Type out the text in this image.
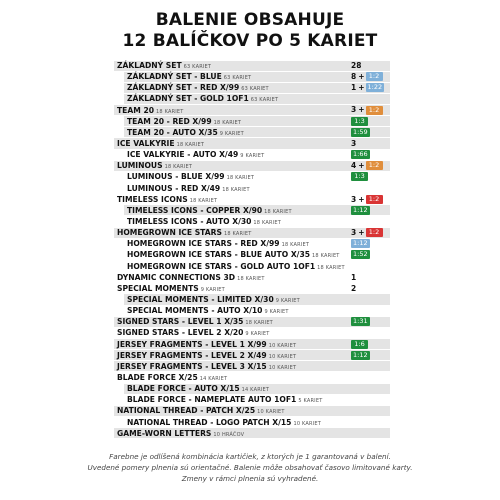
BALENIE OBSAHUJE
12 BALÍČKOV PO 5 KARIET
ZÁKLADNÝ SET 63 KARIET	28
ZÁKLADNÝ SET - BLUE 63 KARIET	8 + 1:2
ZÁKLADNÝ SET - RED X/99 63 KARIET	1 + 1:22
ZÁKLADNÝ SET - GOLD 1OF1 63 KARIET
TEAM 20 18 KARIET	3 + 1:2
TEAM 20 - RED X/99 18 KARIET	1:3
TEAM 20 - AUTO X/35 9 KARIET	1:59
ICE VALKYRIE 18 KARIET	3
ICE VALKYRIE - AUTO X/49 9 KARIET	1:66
LUMINOUS 18 KARIET	4 + 1:2
LUMINOUS - BLUE X/99 18 KARIET	1:3
LUMINOUS - RED X/49 18 KARIET
TIMELESS ICONS 18 KARIET	3 + 1:2
TIMELESS ICONS - COPPER X/90 18 KARIET	1:12
TIMELESS ICONS - AUTO X/30 18 KARIET
HOMEGROWN ICE STARS 18 KARIET	3 + 1:2
HOMEGROWN ICE STARS - RED X/99 18 KARIET	1:12
HOMEGROWN ICE STARS - BLUE AUTO X/35 18 KARIET	1:52
HOMEGROWN ICE STARS - GOLD AUTO 1OF1 18 KARIET
DYNAMIC CONNECTIONS 3D 18 KARIET	1
SPECIAL MOMENTS 9 KARIET	2
SPECIAL MOMENTS - LIMITED X/30 9 KARIET
SPECIAL MOMENTS - AUTO X/10 9 KARIET
SIGNED STARS - LEVEL 1 X/35 18 KARIET	1:31
SIGNED STARS - LEVEL 2 X/20 9 KARIET
JERSEY FRAGMENTS - LEVEL 1 X/99 10 KARIET	1:6
JERSEY FRAGMENTS - LEVEL 2 X/49 10 KARIET	1:12
JERSEY FRAGMENTS - LEVEL 3 X/15 10 KARIET
BLADE FORCE X/25 14 KARIET
BLADE FORCE - AUTO X/15 14 KARIET
BLADE FORCE - NAMEPLATE AUTO 1OF1 5 KARIET
NATIONAL THREAD - PATCH X/25 10 KARIET
NATIONAL THREAD - LOGO PATCH X/15 10 KARIET
GAME-WORN LETTERS 10 HRÁČOV
Farebne je odlíšená kombinácia kartičiek, z ktorých je 1 garantovaná v balení.
Uvedené pomery plnenia sú orientačné. Balenie môže obsahovať časovo limitované karty.
Zmeny v rámci plnenia sú vyhradené.
